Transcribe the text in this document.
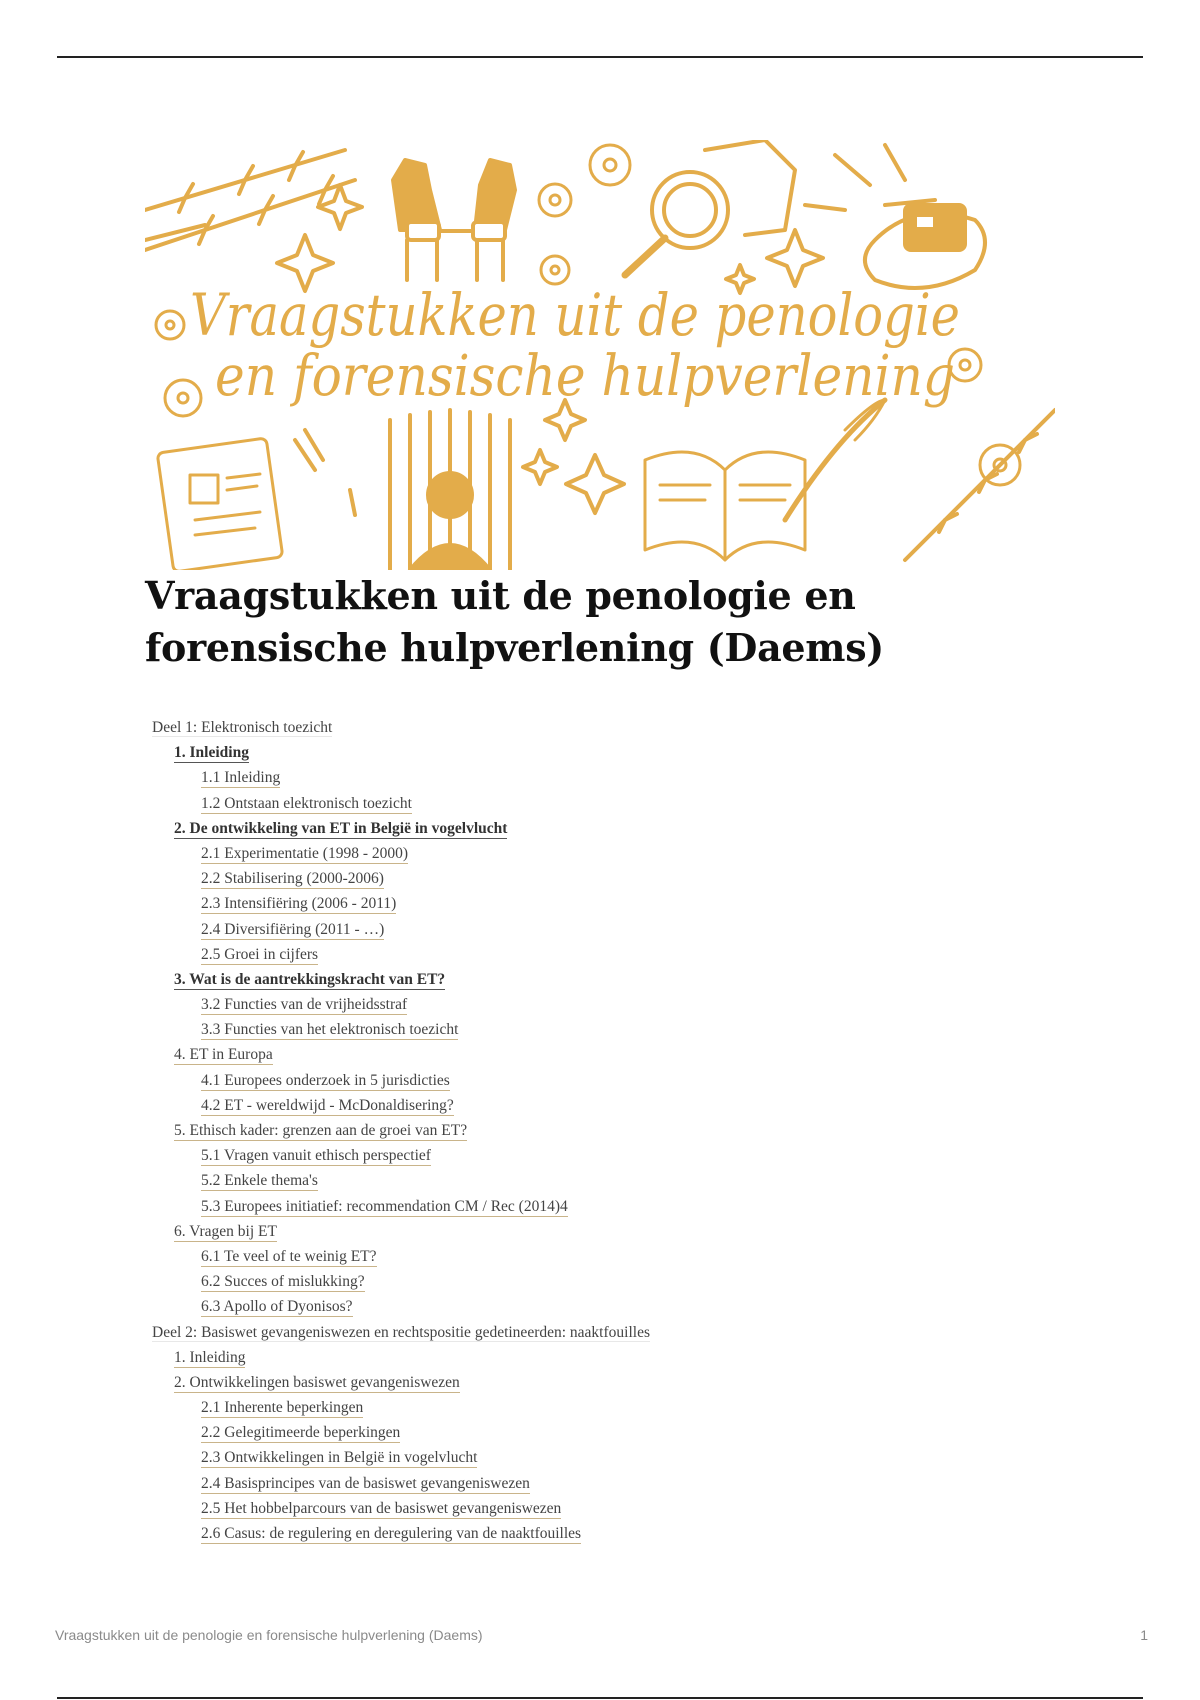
Vraagstukken uit de penologie
en forensische hulpverlening
Vraagstukken uit de penologie en forensische hulpverlening (Daems)
Deel 1: Elektronisch toezicht
1. Inleiding
1.1 Inleiding
1.2 Ontstaan elektronisch toezicht
2. De ontwikkeling van ET in België in vogelvlucht
2.1 Experimentatie (1998 - 2000)
2.2 Stabilisering (2000-2006)
2.3 Intensifiëring (2006 - 2011)
2.4 Diversifiëring (2011 - …)
2.5 Groei in cijfers
3. Wat is de aantrekkingskracht van ET?
3.2 Functies van de vrijheidsstraf
3.3 Functies van het elektronisch toezicht
4. ET in Europa
4.1 Europees onderzoek in 5 jurisdicties
4.2 ET - wereldwijd - McDonaldisering?
5. Ethisch kader: grenzen aan de groei van ET?
5.1 Vragen vanuit ethisch perspectief
5.2 Enkele thema's
5.3 Europees initiatief: recommendation CM / Rec (2014)4
6. Vragen bij ET
6.1 Te veel of te weinig ET?
6.2 Succes of mislukking?
6.3 Apollo of Dyonisos?
Deel 2: Basiswet gevangeniswezen en rechtspositie gedetineerden: naaktfouilles
1. Inleiding
2. Ontwikkelingen basiswet gevangeniswezen
2.1 Inherente beperkingen
2.2 Gelegitimeerde beperkingen
2.3 Ontwikkelingen in België in vogelvlucht
2.4 Basisprincipes van de basiswet gevangeniswezen
2.5 Het hobbelparcours van de basiswet gevangeniswezen
2.6 Casus: de regulering en deregulering van de naaktfouilles
Vraagstukken uit de penologie en forensische hulpverlening (Daems)	1
